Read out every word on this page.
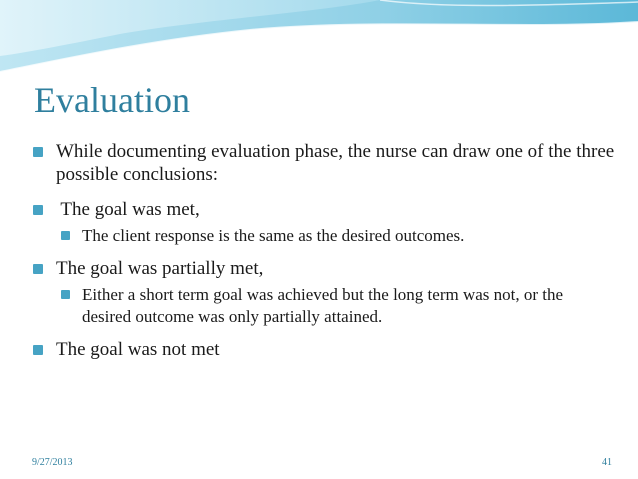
Evaluation
While documenting evaluation phase, the nurse can draw one of the three possible conclusions:
The goal was met,
The client response is the same as the desired outcomes.
The goal was partially met,
Either a short term goal was achieved but the long term was not, or the desired outcome was only partially attained.
The goal was not met
9/27/2013	41
